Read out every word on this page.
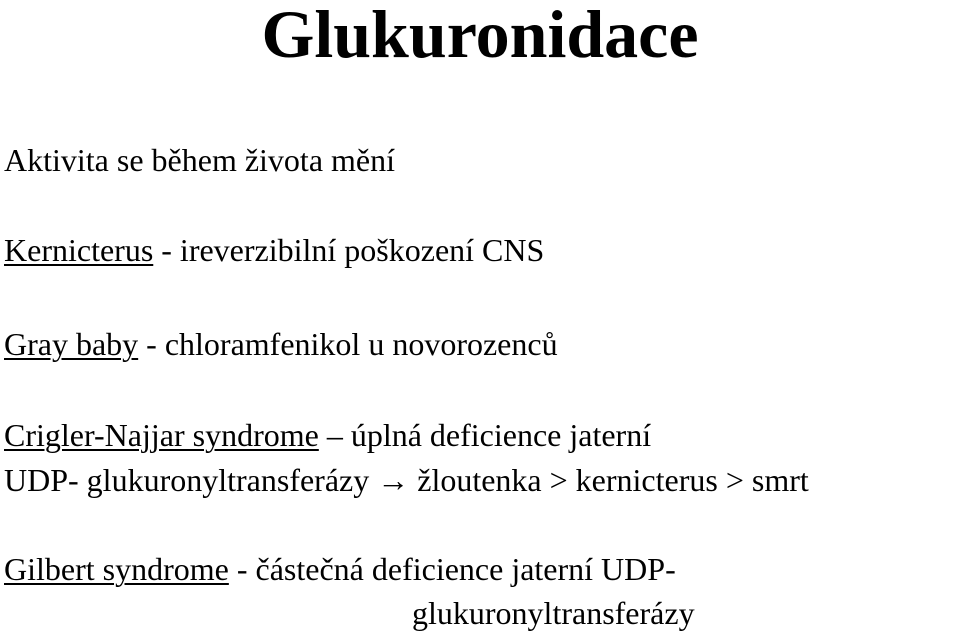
Glukuronidace
Aktivita se během života mění
Kernicterus - ireverzibilní poškození CNS
Gray baby - chloramfenikol u novorozenců
Crigler-Najjar syndrome – úplná deficience jaterní
UDP- glukuronyltransferázy → žloutenka > kernicterus > smrt
Gilbert syndrome - částečná deficience jaterní UDP-
glukuronyltransferázy
